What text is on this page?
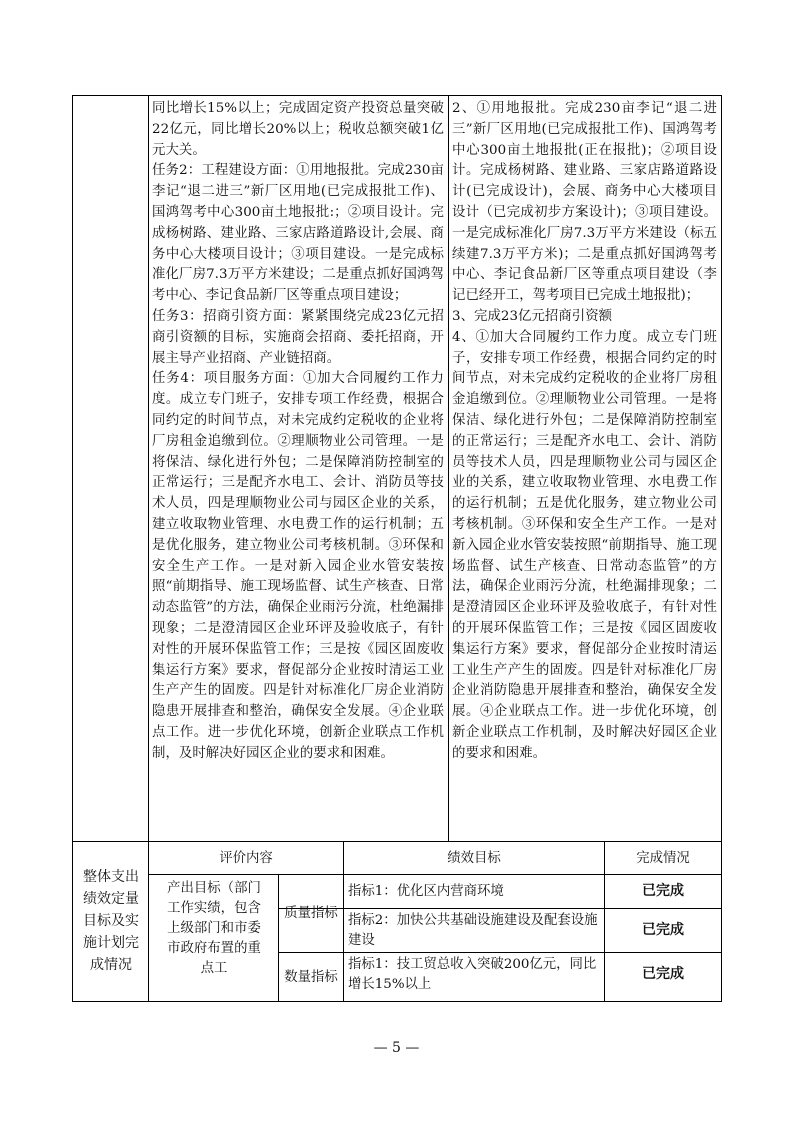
同比增长15%以上；完成固定资产投资总量突破22亿元，同比增长20%以上；税收总额突破1亿元大关。

任务2：工程建设方面：①用地报批。完成230亩李记“退二进三”新厂区用地(已完成报批工作)、国鸿驾考中心300亩土地报批:；②项目设计。完成杨树路、建业路、三家店路道路设计,会展、商务中心大楼项目设计；③项目建设。一是完成标准化厂房7.3万平方米建设；二是重点抓好国鸿驾考中心、李记食品新厂区等重点项目建设；

任务3：招商引资方面：紧紧围绕完成23亿元招商引资额的目标，实施商会招商、委托招商，开展主导产业招商、产业链招商。

任务4：项目服务方面：①加大合同履约工作力度。成立专门班子，安排专项工作经费，根据合同约定的时间节点，对未完成约定税收的企业将厂房租金追缴到位。②理顺物业公司管理。一是将保洁、绿化进行外包；二是保障消防控制室的正常运行；三是配齐水电工、会计、消防员等技术人员，四是理顺物业公司与园区企业的关系，建立收取物业管理、水电费工作的运行机制；五是优化服务，建立物业公司考核机制。③环保和安全生产工作。一是对新入园企业水管安装按照“前期指导、施工现场监督、试生产核查、日常动态监管”的方法，确保企业雨污分流，杜绝漏排现象；二是澄清园区企业环评及验收底子，有针对性的开展环保监管工作；三是按《园区固废收集运行方案》要求，督促部分企业按时清运工业生产产生的固废。四是针对标准化厂房企业消防隐患开展排查和整治，确保安全发展。④企业联点工作。进一步优化环境，创新企业联点工作机制，及时解决好园区企业的要求和困难。

2、①用地报批。完成230亩李记“退二进三”新厂区用地(已完成报批工作)、国鸿驾考中心300亩土地报批(正在报批)；②项目设计。完成杨树路、建业路、三家店路道路设计(已完成设计)，会展、商务中心大楼项目设计（已完成初步方案设计)；③项目建设。一是完成标准化厂房7.3万平方米建设（标五续建7.3万平方米)；二是重点抓好国鸿驾考中心、李记食品新厂区等重点项目建设（李记已经开工，驾考项目已完成土地报批)；

3、完成23亿元招商引资额

4、①加大合同履约工作力度。成立专门班子，安排专项工作经费，根据合同约定的时间节点，对未完成约定税收的企业将厂房租金追缴到位。②理顺物业公司管理。一是将保洁、绿化进行外包；二是保障消防控制室的正常运行；三是配齐水电工、会计、消防员等技术人员，四是理顺物业公司与园区企业的关系，建立收取物业管理、水电费工作的运行机制；五是优化服务，建立物业公司考核机制。③环保和安全生产工作。一是对新入园企业水管安装按照“前期指导、施工现场监督、试生产核查、日常动态监管”的方法，确保企业雨污分流，杜绝漏排现象；二是澄清园区企业环评及验收底子，有针对性的开展环保监管工作；三是按《园区固废收集运行方案》要求，督促部分企业按时清运工业生产产生的固废。四是针对标准化厂房企业消防隐患开展排查和整治，确保安全发展。④企业联点工作。进一步优化环境，创新企业联点工作机制，及时解决好园区企业的要求和困难。

整体支出绩效定量目标及实施计划完成情况
评价内容	绩效目标	完成情况
产出目标（部门工作实绩，包含上级部门和市委市政府布置的重点工
质量指标
数量指标
指标1：优化区内营商环境
指标2：加快公共基础设施建设及配套设施建设
指标1：技工贸总收入突破200亿元，同比增长15%以上
已完成
已完成
已完成
— 5 —
